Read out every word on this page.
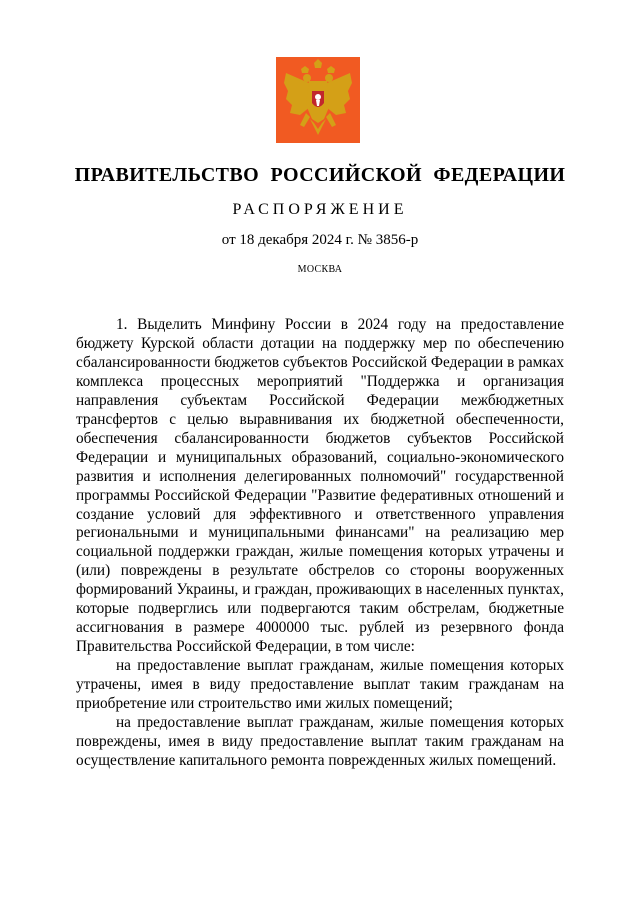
ПРАВИТЕЛЬСТВО РОССИЙСКОЙ ФЕДЕРАЦИИ
РАСПОРЯЖЕНИЕ
от 18 декабря 2024 г. № 3856-р
МОСКВА

1. Выделить Минфину России в 2024 году на предоставление бюджету Курской области дотации на поддержку мер по обеспечению сбалансированности бюджетов субъектов Российской Федерации в рамках комплекса процессных мероприятий "Поддержка и организация направления субъектам Российской Федерации межбюджетных трансфертов с целью выравнивания их бюджетной обеспеченности, обеспечения сбалансированности бюджетов субъектов Российской Федерации и муниципальных образований, социально-экономического развития и исполнения делегированных полномочий" государственной программы Российской Федерации "Развитие федеративных отношений и создание условий для эффективного и ответственного управления региональными и муниципальными финансами" на реализацию мер социальной поддержки граждан, жилые помещения которых утрачены и (или) повреждены в результате обстрелов со стороны вооруженных формирований Украины, и граждан, проживающих в населенных пунктах, которые подверглись или подвергаются таким обстрелам, бюджетные ассигнования в размере 4000000 тыс. рублей из резервного фонда Правительства Российской Федерации, в том числе:

на предоставление выплат гражданам, жилые помещения которых утрачены, имея в виду предоставление выплат таким гражданам на приобретение или строительство ими жилых помещений;

на предоставление выплат гражданам, жилые помещения которых повреждены, имея в виду предоставление выплат таким гражданам на осуществление капитального ремонта поврежденных жилых помещений.
